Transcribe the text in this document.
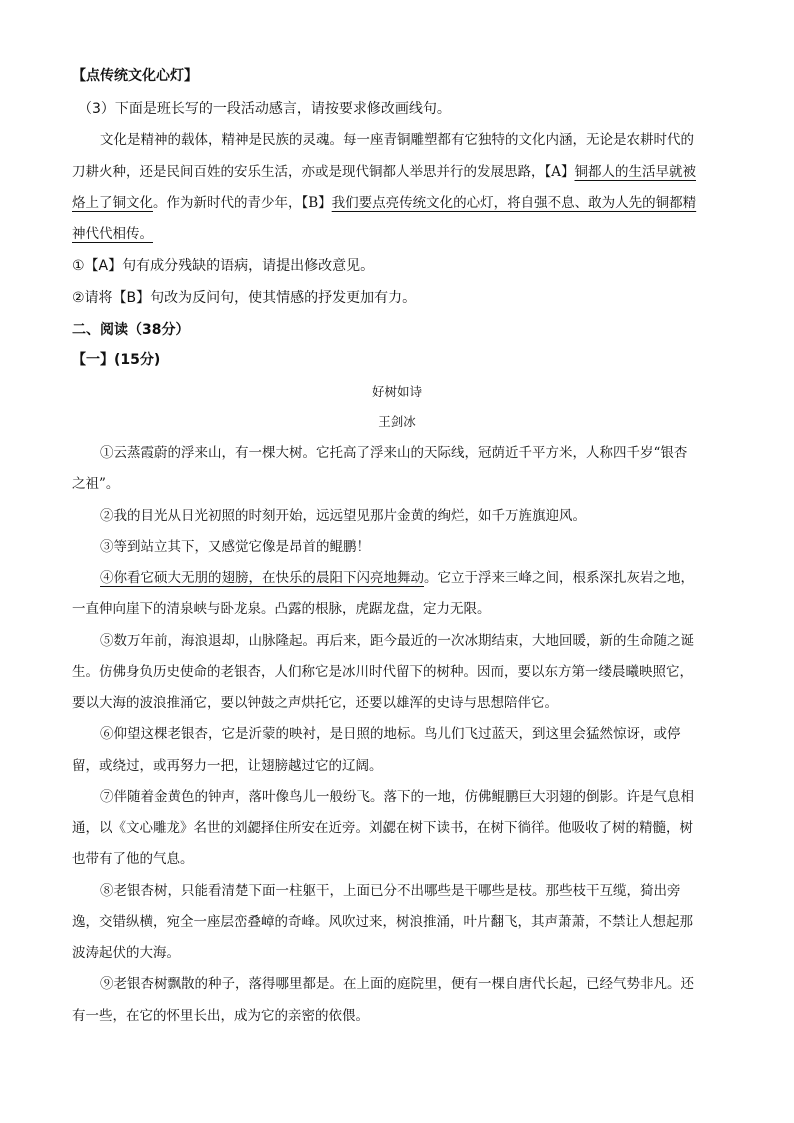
【点传统文化心灯】
（3）下面是班长写的一段活动感言，请按要求修改画线句。
文化是精神的载体，精神是民族的灵魂。每一座青铜雕塑都有它独特的文化内涵，无论是农耕时代的
刀耕火种，还是民间百姓的安乐生活，亦或是现代铜都人举思并行的发展思路，【A】铜都人的生活早就被
烙上了铜文化。作为新时代的青少年，【B】我们要点亮传统文化的心灯，将自强不息、敢为人先的铜都精
神代代相传。
①【A】句有成分残缺的语病，请提出修改意见。
②请将【B】句改为反问句，使其情感的抒发更加有力。
二、阅读（38分）
【一】(15分)
好树如诗
王剑冰
①云蒸霞蔚的浮来山，有一棵大树。它托高了浮来山的天际线，冠荫近千平方米，人称四千岁“银杏
之祖”。
②我的目光从日光初照的时刻开始，远远望见那片金黄的绚烂，如千万旌旗迎风。
③等到站立其下，又感觉它像是昂首的鲲鹏！
④你看它硕大无朋的翅膀，在快乐的晨阳下闪亮地舞动。它立于浮来三峰之间，根系深扎灰岩之地，
一直伸向崖下的清泉峡与卧龙泉。凸露的根脉，虎踞龙盘，定力无限。
⑤数万年前，海浪退却，山脉隆起。再后来，距今最近的一次冰期结束，大地回暖，新的生命随之诞
生。仿佛身负历史使命的老银杏，人们称它是冰川时代留下的树种。因而，要以东方第一缕晨曦映照它，
要以大海的波浪推涌它，要以钟鼓之声烘托它，还要以雄浑的史诗与思想陪伴它。
⑥仰望这棵老银杏，它是沂蒙的映衬，是日照的地标。鸟儿们飞过蓝天，到这里会猛然惊讶，或停
留，或绕过，或再努力一把，让翅膀越过它的辽阔。
⑦伴随着金黄色的钟声，落叶像鸟儿一般纷飞。落下的一地，仿佛鲲鹏巨大羽翅的倒影。许是气息相
通，以《文心雕龙》名世的刘勰择住所安在近旁。刘勰在树下读书，在树下徜徉。他吸收了树的精髓，树
也带有了他的气息。
⑧老银杏树，只能看清楚下面一柱躯干，上面已分不出哪些是干哪些是枝。那些枝干互缆，猗出旁
逸，交错纵横，宛全一座层峦叠嶂的奇峰。风吹过来，树浪推涌，叶片翻飞，其声萧萧，不禁让人想起那
波涛起伏的大海。
⑨老银杏树飘散的种子，落得哪里都是。在上面的庭院里，便有一棵自唐代长起，已经气势非凡。还
有一些，在它的怀里长出，成为它的亲密的依偎。
